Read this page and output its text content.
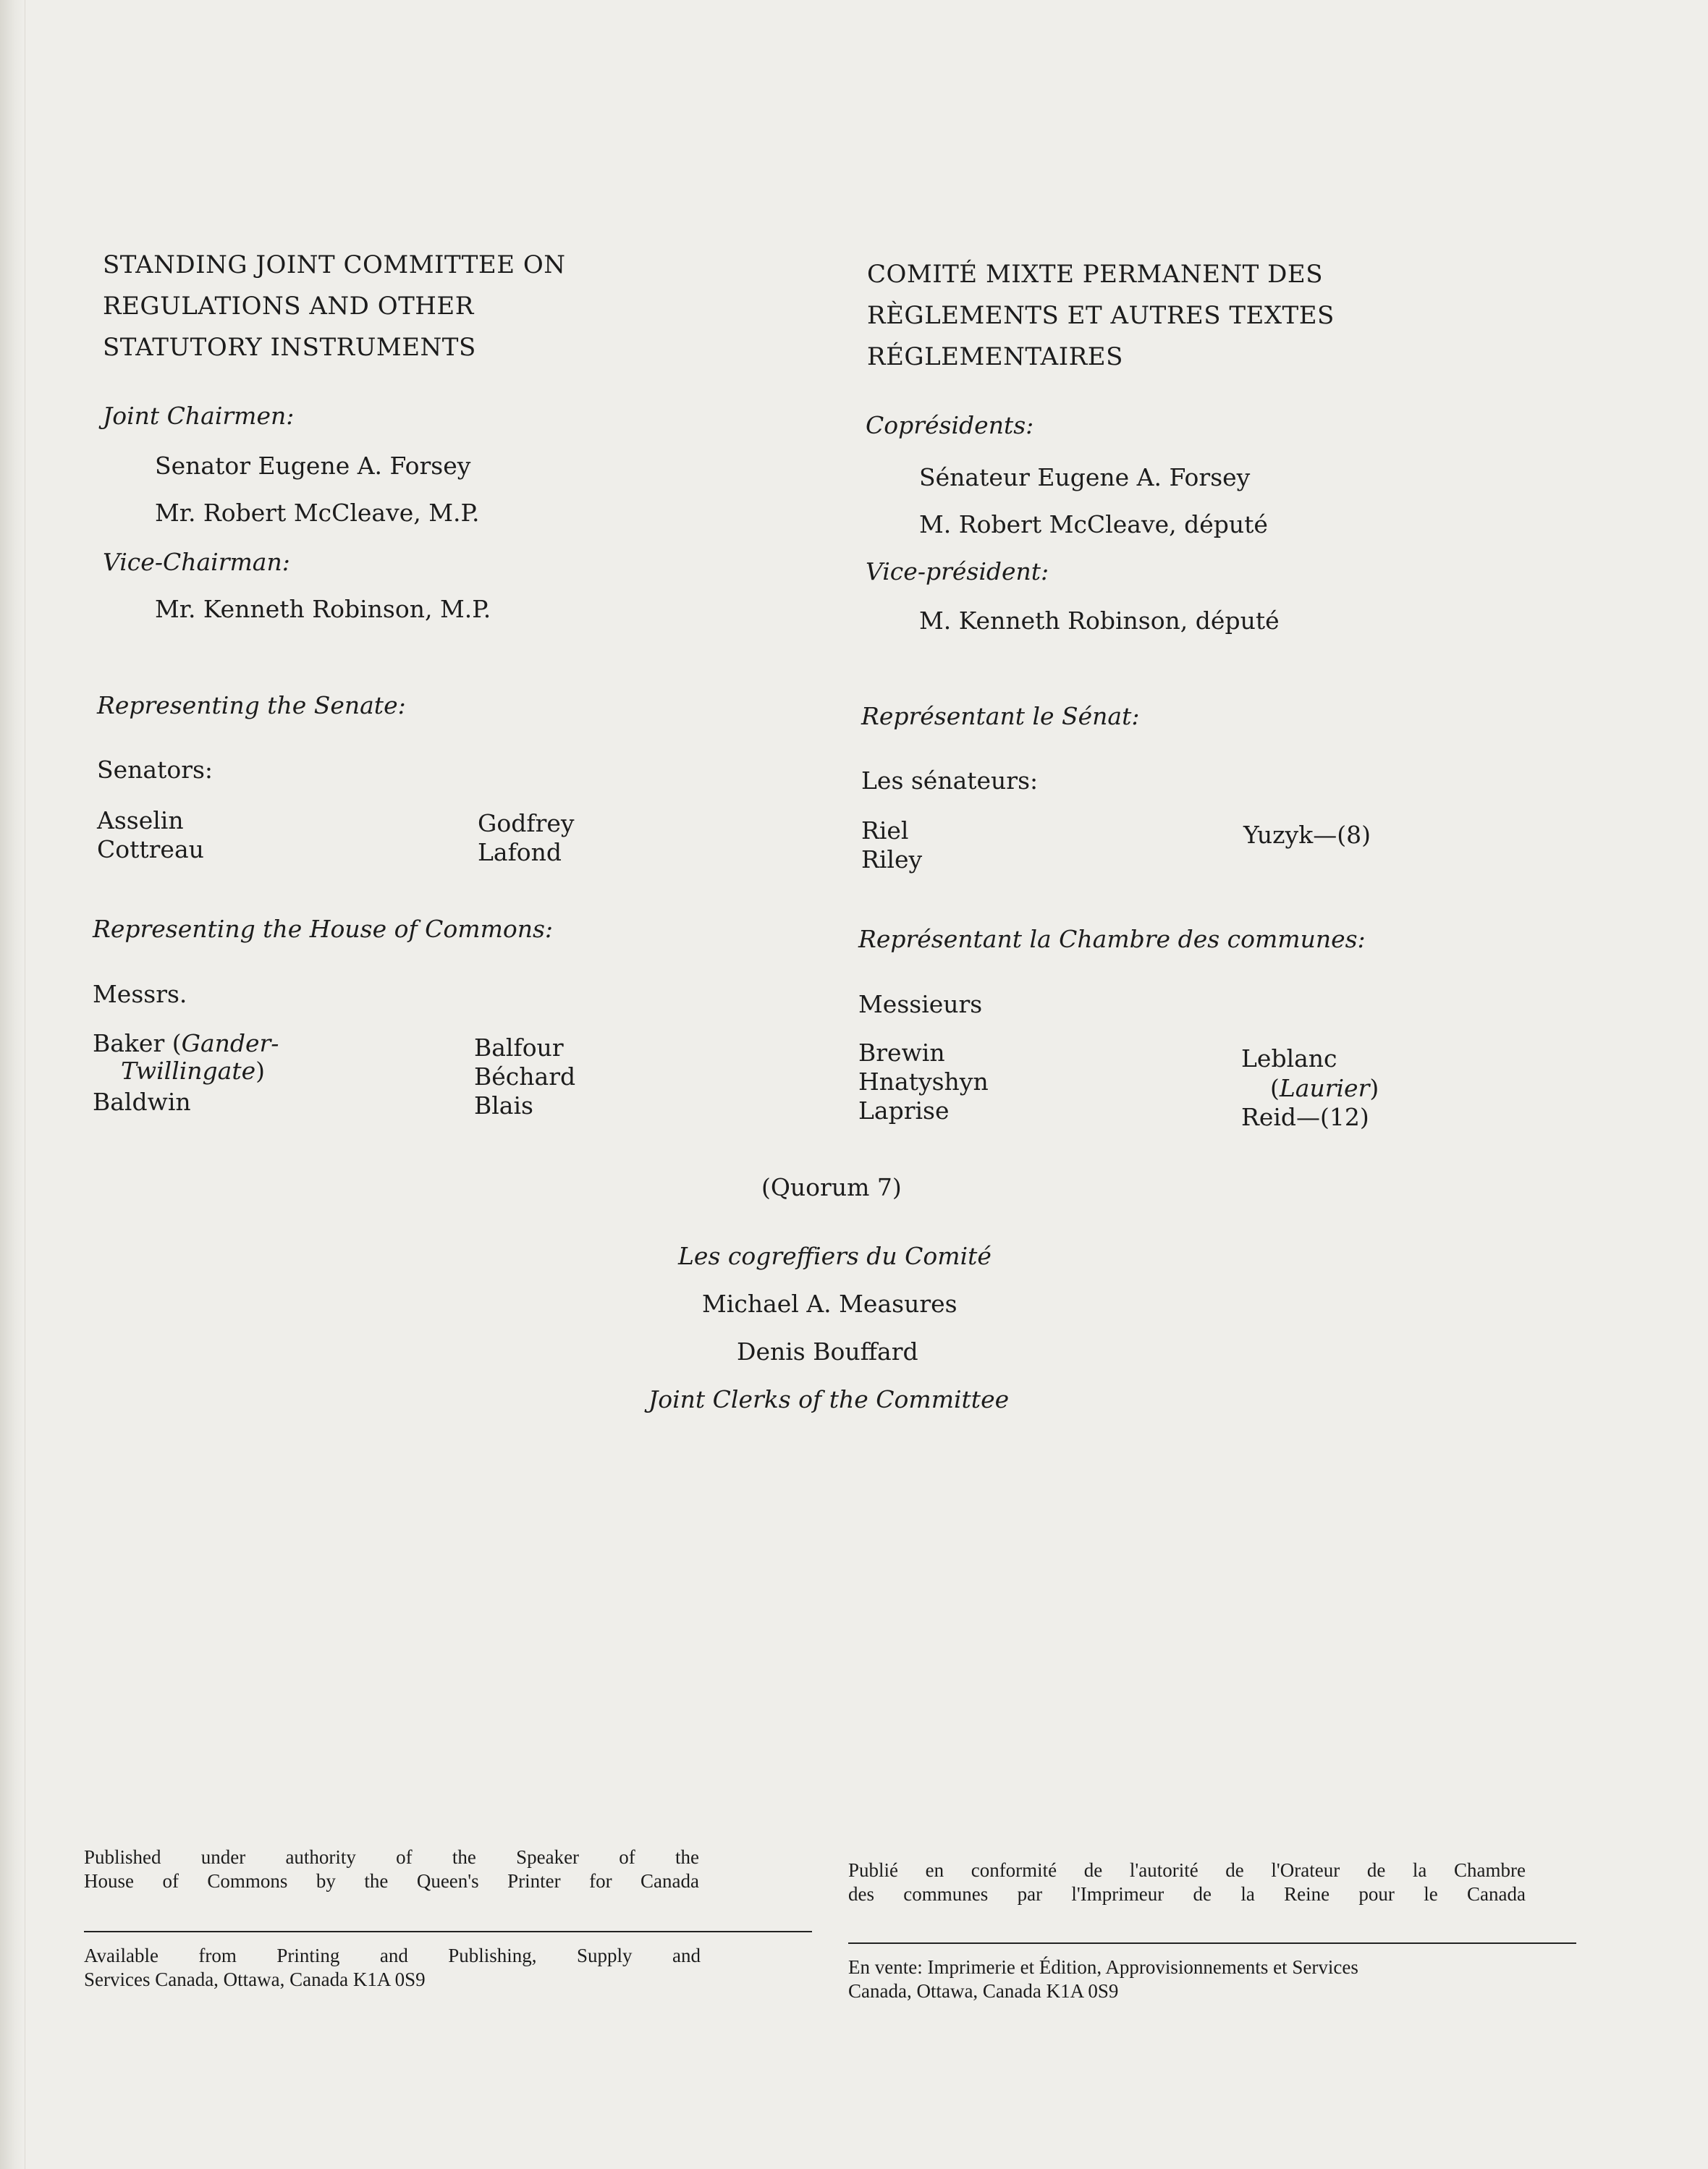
STANDING JOINT COMMITTEE ON
REGULATIONS AND OTHER
STATUTORY INSTRUMENTS
Joint Chairmen:
Senator Eugene A. Forsey
Mr. Robert McCleave, M.P.
Vice-Chairman:
Mr. Kenneth Robinson, M.P.
Representing the Senate:
Senators:
Asselin
Cottreau
Godfrey
Lafond
Representing the House of Commons:
Messrs.
Baker (Gander-
Twillingate)
Baldwin
Balfour
Béchard
Blais
COMITÉ MIXTE PERMANENT DES
RÈGLEMENTS ET AUTRES TEXTES
RÉGLEMENTAIRES
Coprésidents:
Sénateur Eugene A. Forsey
M. Robert McCleave, député
Vice-président:
M. Kenneth Robinson, député
Représentant le Sénat:
Les sénateurs:
Riel
Riley
Yuzyk—(8)
Représentant la Chambre des communes:
Messieurs
Brewin
Hnatyshyn
Laprise
Leblanc
(Laurier)
Reid—(12)
(Quorum 7)
Les cogreffiers du Comité
Michael A. Measures
Denis Bouffard
Joint Clerks of the Committee
Published under authority of the Speaker of the
House of Commons by the Queen's Printer for Canada
Available from Printing and Publishing, Supply and
Services Canada, Ottawa, Canada K1A 0S9
Publié en conformité de l'autorité de l'Orateur de la Chambre
des communes par l'Imprimeur de la Reine pour le Canada
En vente: Imprimerie et Édition, Approvisionnements et Services
Canada, Ottawa, Canada K1A 0S9
